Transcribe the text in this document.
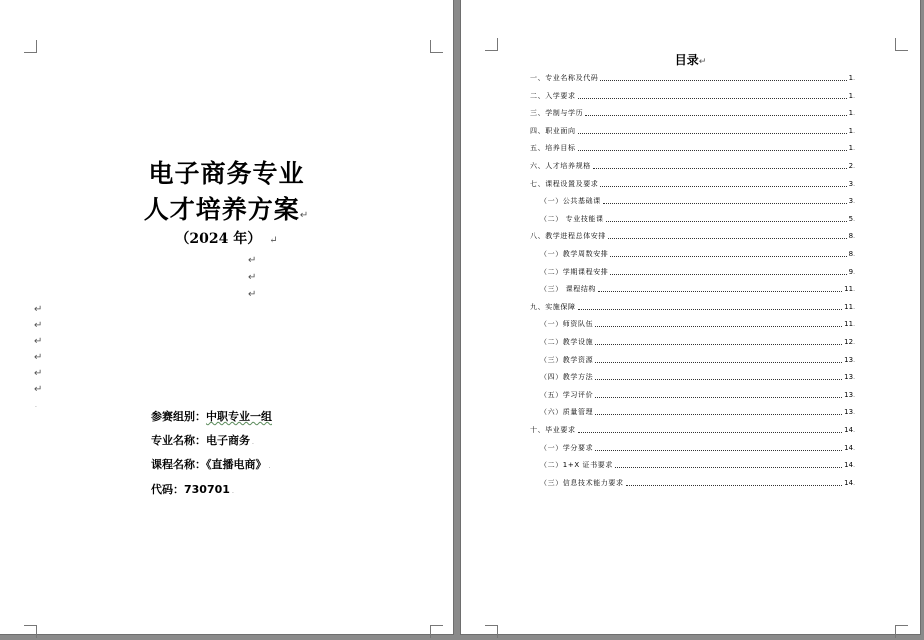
电子商务专业
人才培养方案↵
（2024 年） ↵
↵
↵
↵
↵
↵
↵
↵
↵
↵
.
参赛组别：中职专业一组
专业名称：电子商务 .
课程名称：《直播电商》 .
代码：730701 .
目录↵
一、专业名称及代码	1.
二、入学要求	1.
三、学制与学历	1.
四、职业面向	1.
五、培养目标	1.
六、人才培养规格	2.
七、课程设置及要求	3.
（一）公共基础课	3.
（二） 专业技能课	5.
八、教学进程总体安排	8.
（一）教学周数安排	8.
（二）学期课程安排	9.
（三） 课程结构	11.
九、实施保障	11.
（一）师资队伍	11.
（二）教学设施	12.
（三）教学资源	13.
（四）教学方法	13.
（五）学习评价	13.
（六）质量管理	13.
十、毕业要求	14.
（一）学分要求	14.
（二）1+X 证书要求	14.
（三）信息技术能力要求	14.
